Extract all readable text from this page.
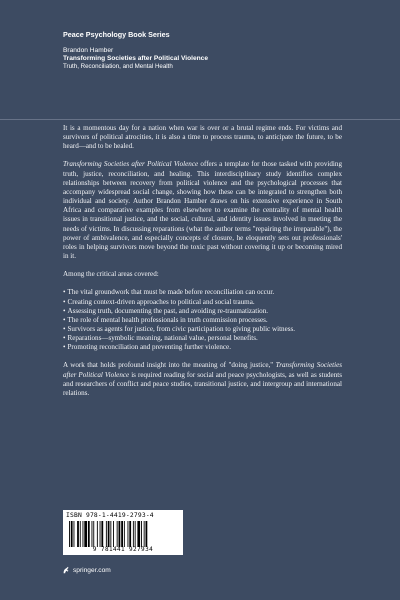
Peace Psychology Book Series
Brandon Hamber
Transforming Societies after Political Violence
Truth, Reconciliation, and Mental Health

It is a momentous day for a nation when war is over or a brutal regime ends. For victims and survivors of political atrocities, it is also a time to process trauma, to anticipate the future, to be heard—and to be healed.

Transforming Societies after Political Violence offers a template for those tasked with providing truth, justice, reconciliation, and healing. This interdisciplinary study identifies complex relationships between recovery from political violence and the psychological processes that accompany widespread social change, showing how these can be integrated to strengthen both individual and society. Author Brandon Hamber draws on his extensive experience in South Africa and comparative examples from elsewhere to examine the centrality of mental health issues in transitional justice, and the social, cultural, and identity issues involved in meeting the needs of victims. In discussing reparations (what the author terms "repairing the irreparable"), the power of ambivalence, and especially concepts of closure, he eloquently sets out professionals' roles in helping survivors move beyond the toxic past without covering it up or becoming mired in it.

Among the critical areas covered:

• The vital groundwork that must be made before reconciliation can occur.
• Creating context-driven approaches to political and social trauma.
• Assessing truth, documenting the past, and avoiding re-traumatization.
• The role of mental health professionals in truth commission processes.
• Survivors as agents for justice, from civic participation to giving public witness.
• Reparations—symbolic meaning, national value, personal benefits.
• Promoting reconciliation and preventing further violence.

A work that holds profound insight into the meaning of "doing justice," Transforming Societies after Political Violence is required reading for social and peace psychologists, as well as students and researchers of conflict and peace studies, transitional justice, and intergroup and international relations.

ISBN 978-1-4419-2793-4
9 781441 927934
springer.com
